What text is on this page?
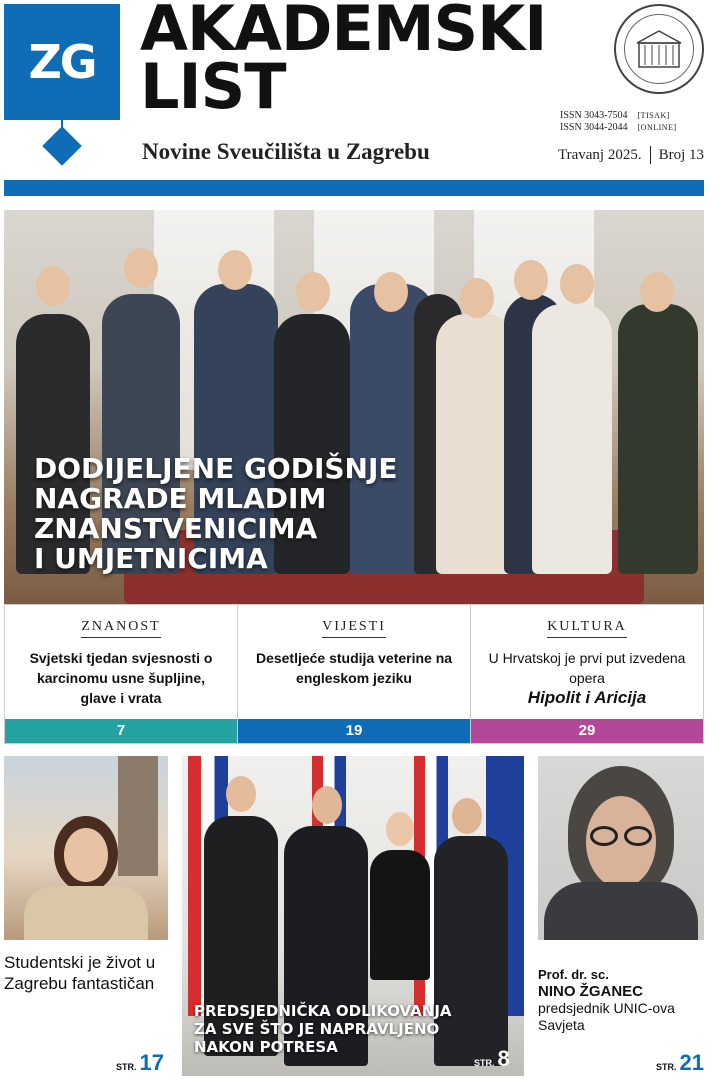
ZG AKADEMSKI
LIST
Novine Sveučilišta u Zagrebu
ISSN 3043-7504 [TISAK]
ISSN 3044-2044 [ONLINE]
Travanj 2025. Broj 13
DODIJELJENE GODIŠNJE
NAGRADE MLADIM
ZNANSTVENICIMA
I UMJETNICIMA
ZNANOST
Svjetski tjedan svjesnosti o karcinomu usne šupljine, glave i vrata
7
VIJESTI
Desetljeće studija veterine na engleskom jeziku
19
KULTURA
U Hrvatskoj je prvi put izvedena opera
Hipolit i Aricija
29
Studentski je život u Zagrebu fantastičan
STR. 17
PREDSJEDNIČKA ODLIKOVANJA
ZA SVE ŠTO JE NAPRAVLJENO
NAKON POTRESA
STR. 8
Prof. dr. sc.
NINO ŽGANEC
predsjednik UNIC-ova Savjeta
STR. 21
